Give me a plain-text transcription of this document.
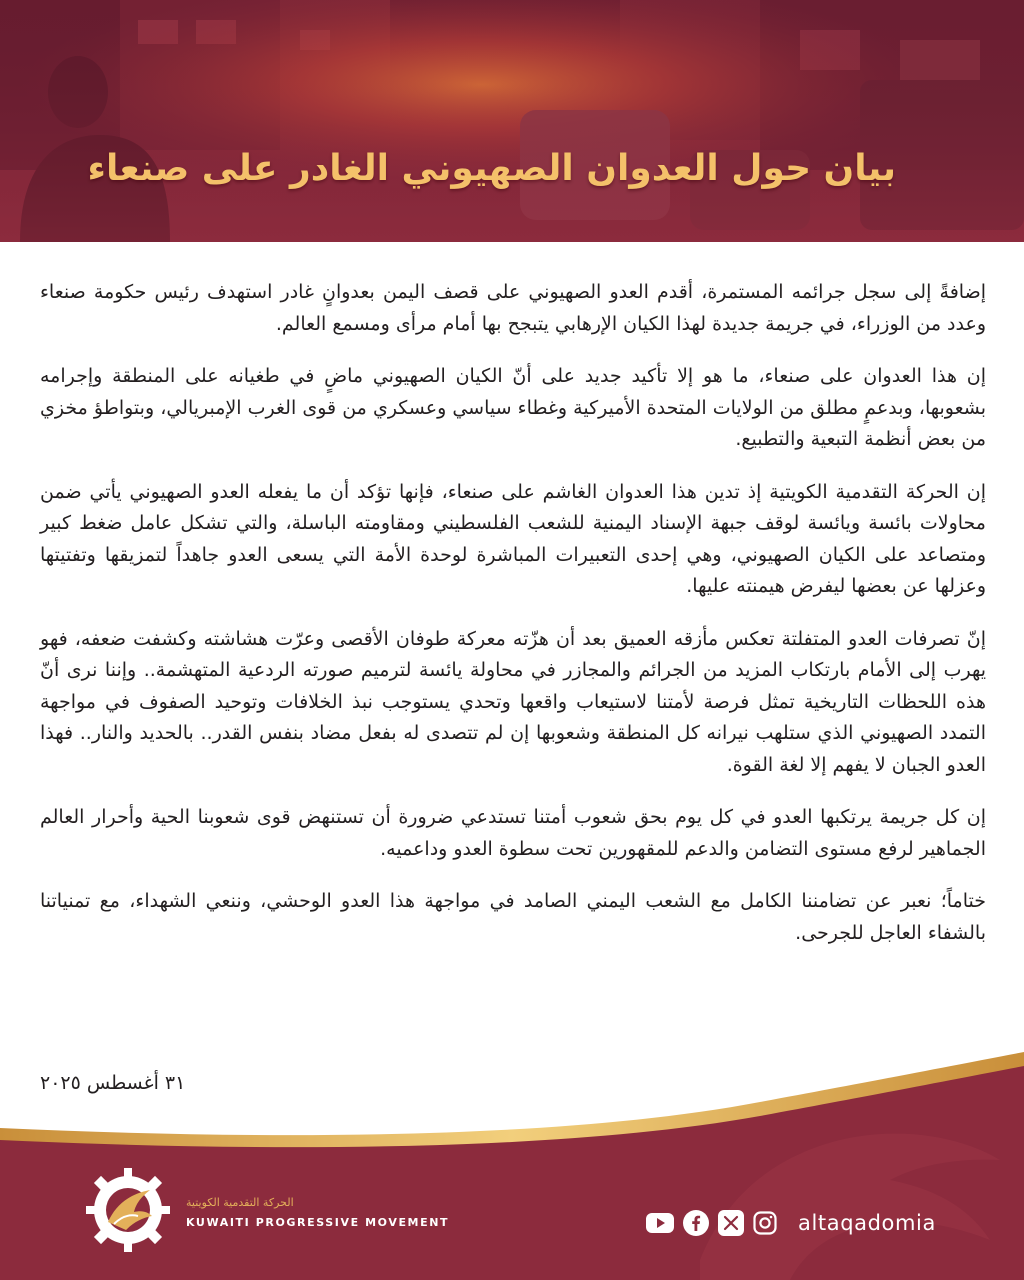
بيان حول العدوان الصهيوني الغادر على صنعاء

إضافةً إلى سجل جرائمه المستمرة، أقدم العدو الصهيوني على قصف اليمن بعدوانٍ غادر استهدف رئيس حكومة صنعاء وعدد من الوزراء، في جريمة جديدة لهذا الكيان الإرهابي يتبجح بها أمام مرأى ومسمع العالم.

إن هذا العدوان على صنعاء، ما هو إلا تأكيد جديد على أنّ الكيان الصهيوني ماضٍ في طغيانه على المنطقة وإجرامه بشعوبها، وبدعمٍ مطلق من الولايات المتحدة الأميركية وغطاء سياسي وعسكري من قوى الغرب الإمبريالي، وبتواطؤ مخزي من بعض أنظمة التبعية والتطبيع.

إن الحركة التقدمية الكويتية إذ تدين هذا العدوان الغاشم على صنعاء، فإنها تؤكد أن ما يفعله العدو الصهيوني يأتي ضمن محاولات بائسة ويائسة لوقف جبهة الإسناد اليمنية للشعب الفلسطيني ومقاومته الباسلة، والتي تشكل عامل ضغط كبير ومتصاعد على الكيان الصهيوني، وهي إحدى التعبيرات المباشرة لوحدة الأمة التي يسعى العدو جاهداً لتمزيقها وتفتيتها وعزلها عن بعضها ليفرض هيمنته عليها.

إنّ تصرفات العدو المتفلتة تعكس مأزقه العميق بعد أن هزّته معركة طوفان الأقصى وعرّت هشاشته وكشفت ضعفه، فهو يهرب إلى الأمام بارتكاب المزيد من الجرائم والمجازر في محاولة يائسة لترميم صورته الردعية المتهشمة.. وإننا نرى أنّ هذه اللحظات التاريخية تمثل فرصة لأمتنا لاستيعاب واقعها وتحدي يستوجب نبذ الخلافات وتوحيد الصفوف في مواجهة التمدد الصهيوني الذي ستلهب نيرانه كل المنطقة وشعوبها إن لم تتصدى له بفعل مضاد بنفس القدر.. بالحديد والنار.. فهذا العدو الجبان لا يفهم إلا لغة القوة.

إن كل جريمة يرتكبها العدو في كل يوم بحق شعوب أمتنا تستدعي ضرورة أن تستنهض قوى شعوبنا الحية وأحرار العالم الجماهير لرفع مستوى التضامن والدعم للمقهورين تحت سطوة العدو وداعميه.

ختاماً؛ نعبر عن تضامننا الكامل مع الشعب اليمني الصامد في مواجهة هذا العدو الوحشي، وننعي الشهداء، مع تمنياتنا بالشفاء العاجل للجرحى.

٣١ أغسطس ٢٠٢٥
الحركة التقدمية الكويتية
KUWAITI PROGRESSIVE MOVEMENT	altaqadomia
